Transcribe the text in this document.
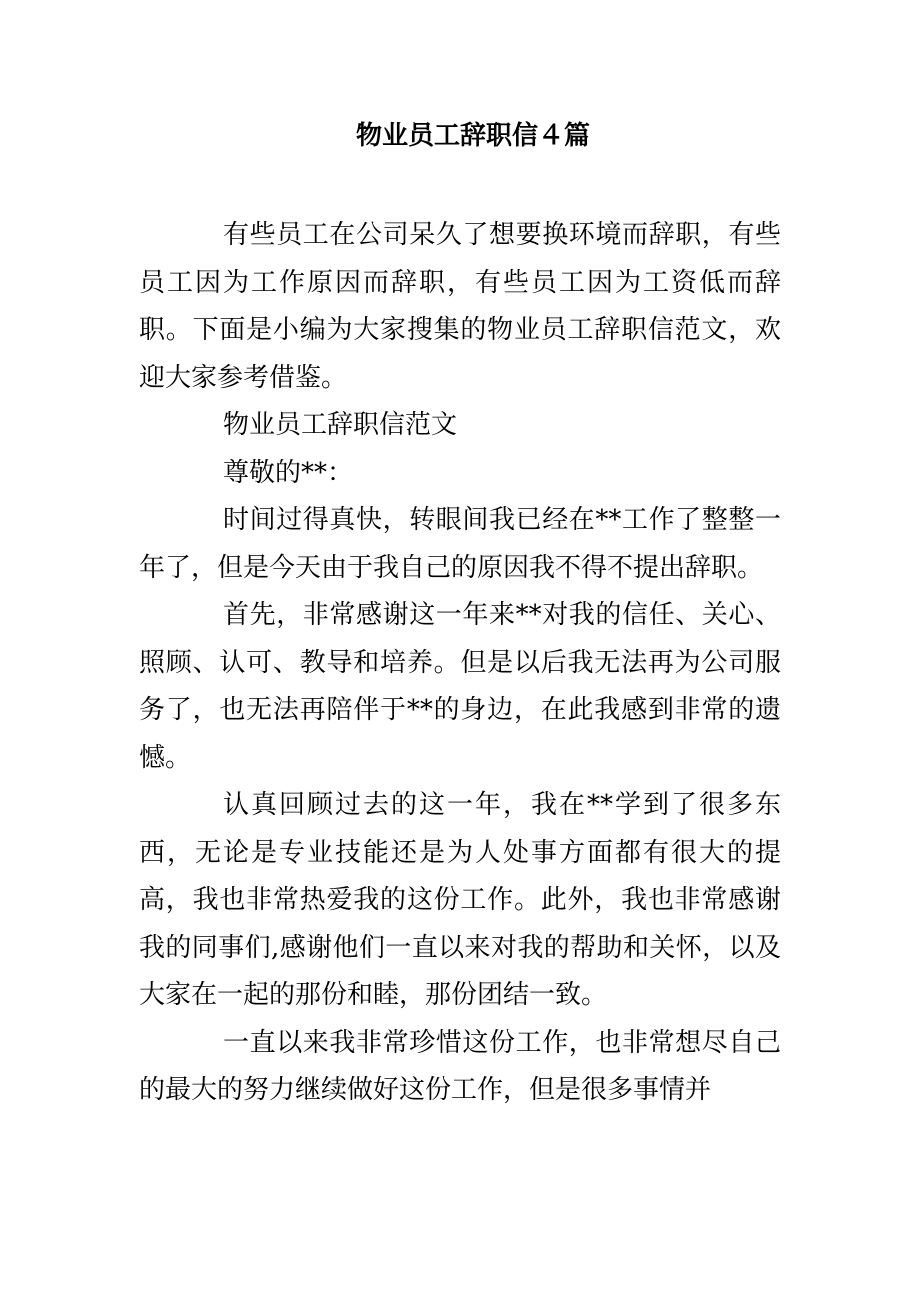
物业员工辞职信４篇

有些员工在公司呆久了想要换环境而辞职，有些员工因为工作原因而辞职，有些员工因为工资低而辞职。下面是小编为大家搜集的物业员工辞职信范文，欢迎大家参考借鉴。

物业员工辞职信范文

尊敬的**：

时间过得真快，转眼间我已经在**工作了整整一年了，但是今天由于我自己的原因我不得不提出辞职。

首先，非常感谢这一年来**对我的信任、关心、照顾、认可、教导和培养。但是以后我无法再为公司服务了，也无法再陪伴于**的身边，在此我感到非常的遗憾。

认真回顾过去的这一年，我在**学到了很多东西，无论是专业技能还是为人处事方面都有很大的提高，我也非常热爱我的这份工作。此外，我也非常感谢我的同事们,感谢他们一直以来对我的帮助和关怀，以及大家在一起的那份和睦，那份团结一致。

一直以来我非常珍惜这份工作，也非常想尽自己的最大的努力继续做好这份工作，但是很多事情并
